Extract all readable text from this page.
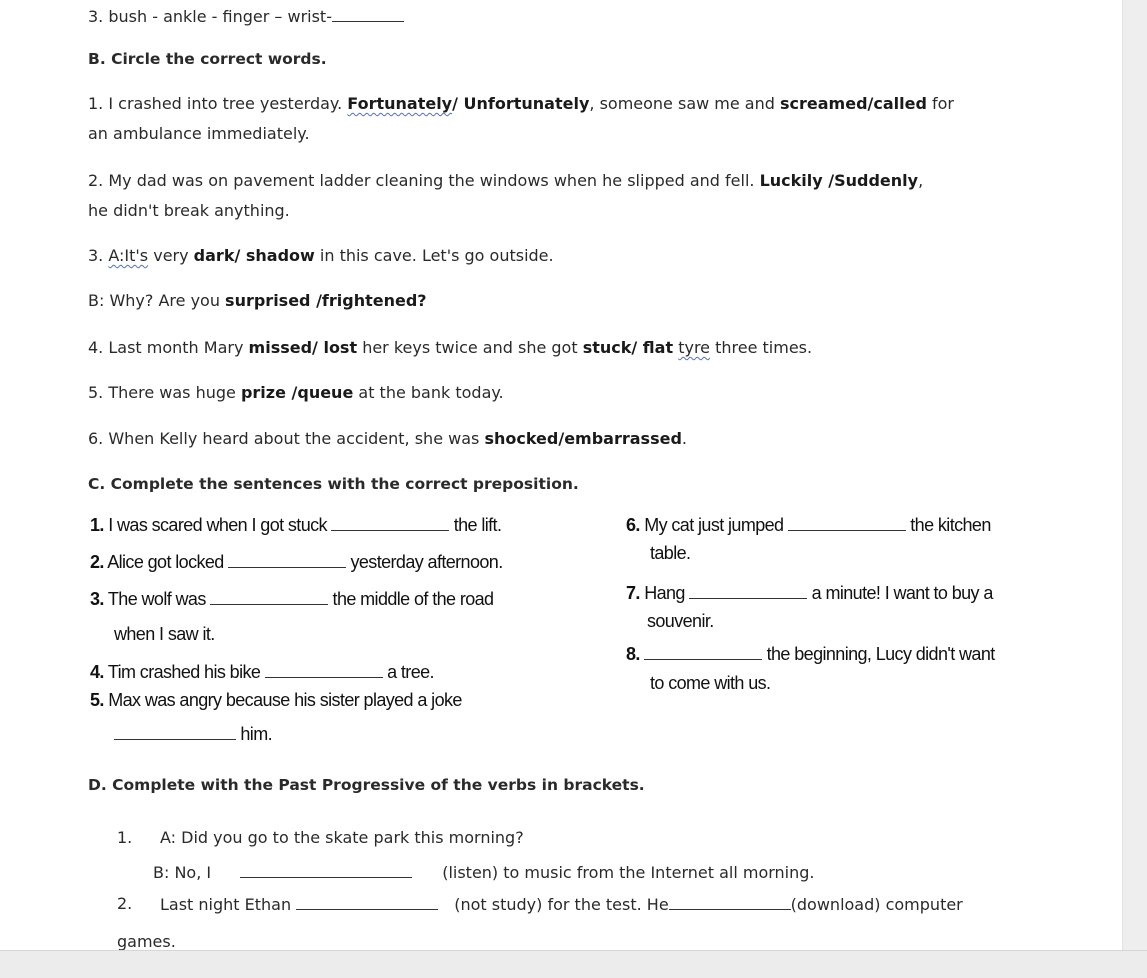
3. bush - ankle - finger – wrist-
B. Circle the correct words.
1. I crashed into tree yesterday. Fortunately/ Unfortunately, someone saw me and screamed/called for
an ambulance immediately.
2. My dad was on pavement ladder cleaning the windows when he slipped and fell. Luckily /Suddenly,
he didn't break anything.
3. A:It's very dark/ shadow in this cave. Let's go outside.
B: Why? Are you surprised /frightened?
4. Last month Mary missed/ lost her keys twice and she got stuck/ flat tyre three times.
5. There was huge prize /queue at the bank today.
6. When Kelly heard about the accident, she was shocked/embarrassed.
C. Complete the sentences with the correct preposition.
1. I was scared when I got stuck	the lift.
2. Alice got locked	yesterday afternoon.
3. The wolf was	the middle of the road
when I saw it.
4. Tim crashed his bike	a tree.
5. Max was angry because his sister played a joke
him.
6. My cat just jumped	the kitchen
table.
7. Hang	a minute! I want to buy a
souvenir.
8.	the beginning, Lucy didn't want
to come with us.
D. Complete with the Past Progressive of the verbs in brackets.
1. A: Did you go to the skate park this morning?
B: No, I	(listen) to music from the Internet all morning.
2. Last night Ethan	(not study) for the test. He	(download) computer
games.
